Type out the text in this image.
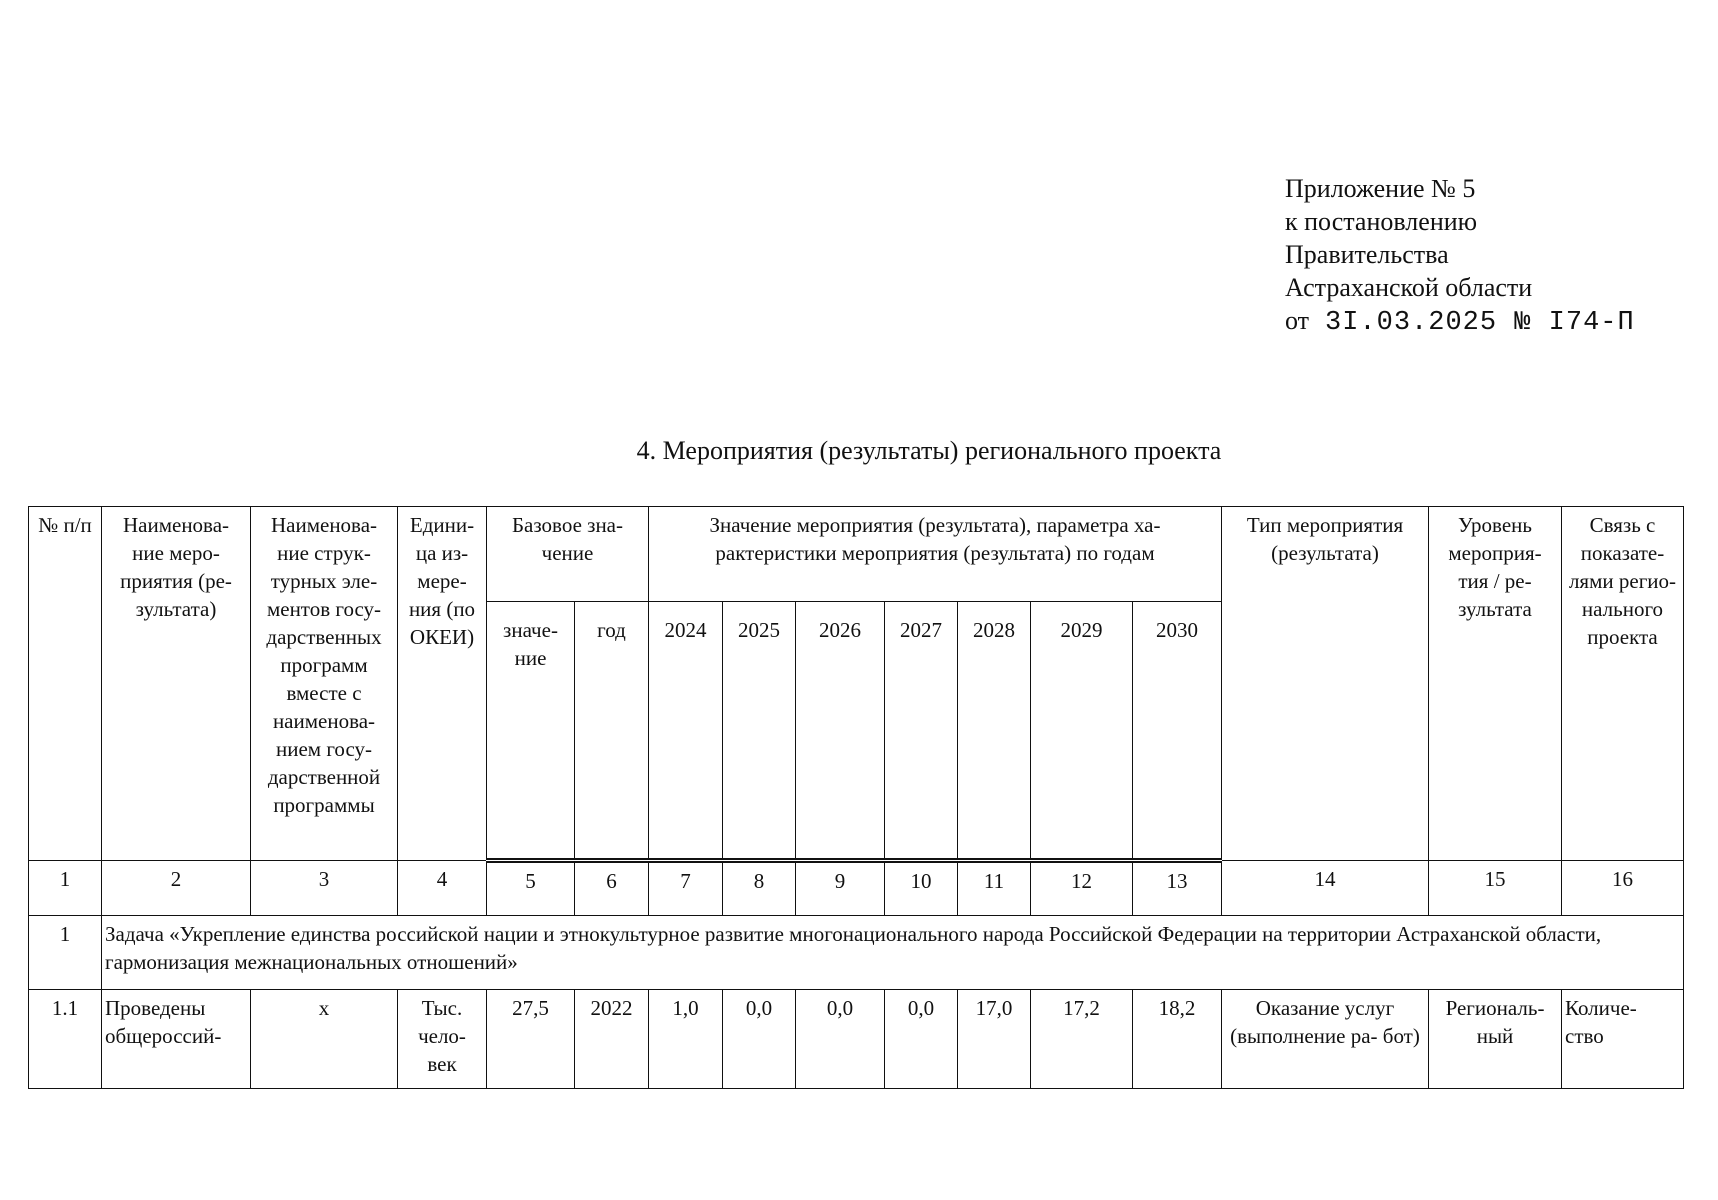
Приложение № 5
к постановлению
Правительства
Астраханской области
от 3I.03.2025 № I74-П
4. Мероприятия (результаты) регионального проекта
№ п/п	Наименова- ние меро- приятия (ре- зультата)	Наименова- ние струк- турных эле- ментов госу- дарственных программ вместе с наименова- нием госу- дарственной программы	Едини- ца из- мере- ния (по ОКЕИ)	Базовое зна- чение		Значение мероприятия (результата), параметра ха- рактеристики мероприятия (результата) по годам							Тип мероприятия (результата)	Уровень мероприя- тия / ре- зультата	Связь с показате- лями регио- нального проекта
				значе- ние	год	2024	2025	2026	2027	2028	2029	2030			
1	2	3	4	5	6	7	8	9	10	11	12	13	14	15	16
1	Задача «Укрепление единства российской нации и этнокультурное развитие многонационального народа Российской Федерации на территории Астраханской области, гармонизация межнациональных отношений»														
1.1	Проведены общероссий-	х	Тыс. чело- век	27,5	2022	1,0	0,0	0,0	0,0	17,0	17,2	18,2	Оказание услуг (выполнение ра- бот)	Региональ- ный	Количе- ство
